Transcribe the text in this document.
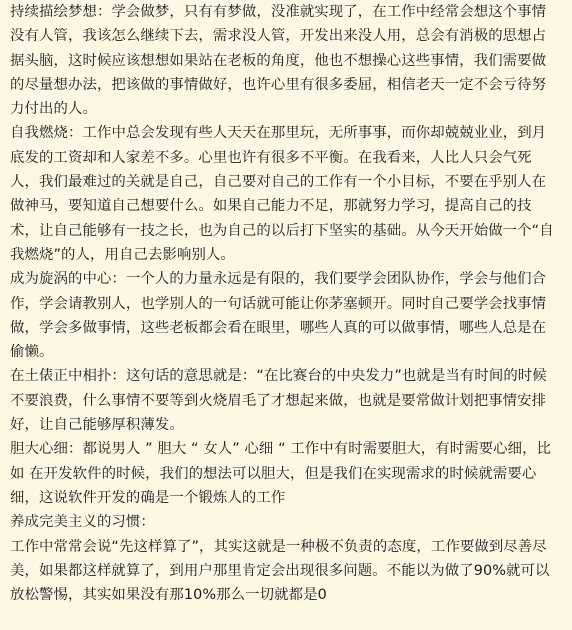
持续描绘梦想：学会做梦，只有有梦做，没准就实现了，在工作中经常会想这个事情没有人管，我该怎么继续下去，需求没人管，开发出来没人用，总会有消极的思想占据头脑，这时候应该想想如果站在老板的角度，他也不想操心这些事情，我们需要做的尽量想办法，把该做的事情做好，也许心里有很多委屈，相信老天一定不会亏待努力付出的人。

自我燃烧：工作中总会发现有些人天天在那里玩，无所事事，而你却兢兢业业，到月底发的工资却和人家差不多。心里也许有很多不平衡。在我看来，人比人只会气死人，我们最难过的关就是自己，自己要对自己的工作有一个小目标，不要在乎别人在做神马，要知道自己想要什么。如果自己能力不足，那就努力学习，提高自己的技术，让自己能够有一技之长，也为自己的以后打下坚实的基础。从今天开始做一个“自我燃烧”的人，用自己去影响别人。

成为旋涡的中心：一个人的力量永远是有限的，我们要学会团队协作，学会与他们合作，学会请教别人，也学别人的一句话就可能让你茅塞顿开。同时自己要学会找事情做，学会多做事情，这些老板都会看在眼里，哪些人真的可以做事情，哪些人总是在偷懒。

在土俵正中相扑：这句话的意思就是：“在比赛台的中央发力”也就是当有时间的时候不要浪费，什么事情不要等到火烧眉毛了才想起来做，也就是要常做计划把事情安排好，让自己能够厚积薄发。

胆大心细：都说男人 ” 胆大 “ 女人” 心细 “ 工作中有时需要胆大，有时需要心细，比如 在开发软件的时候，我们的想法可以胆大，但是我们在实现需求的时候就需要心细，这说软件开发的确是一个锻炼人的工作

养成完美主义的习惯：

工作中常常会说“先这样算了”，其实这就是一种极不负责的态度，工作要做到尽善尽美，如果都这样就算了，到用户那里肯定会出现很多问题。不能以为做了90%就可以放松警惕，其实如果没有那10%那么一切就都是0
